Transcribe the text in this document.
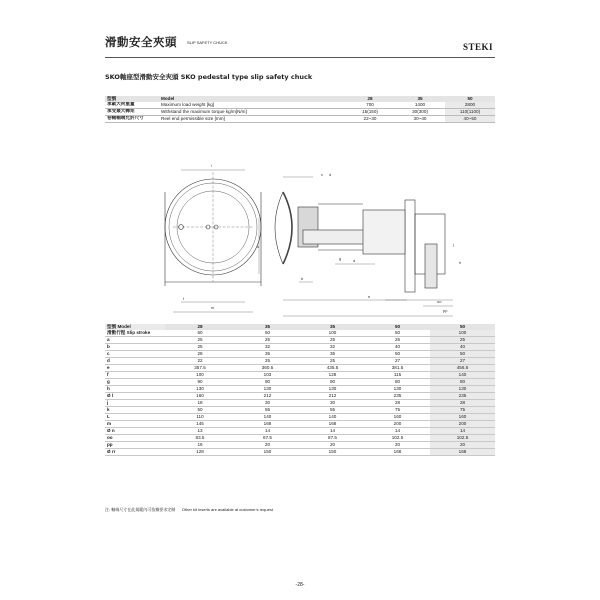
滑動安全夾頭	SLIP SAFETY CHUCK	STEKI
SKO軸座型滑動安全夾頭 SKO pedestal type slip safety chuck
型號	Model	28	35	50
承載大荷重量	Maximum load weight [kg]	700	1400	2800
承受最大轉矩	Withstand the maximum torque kg/m[N/m]	15(150)	30(300)	110(1100)
卷軸軸端允許尺寸	Reel end permissible size [mm]	22~30	30~40	40~50
l
m
k
f
b
c d
e
g
j
h
a
oo
pp
型號 Model	28	35	35	50	50
滑動行程 Slip stroke	50	50	100	50	100
a	25	25	25	25	25
b	25	32	32	40	40
c	28	35	35	50	50
d	22	25	25	27	27
e	357.5	360.5	435.5	381.5	456.5
f	100	103	128	115	140
g	90	90	90	80	80
h	130	130	130	130	130
Ø l	160	212	212	235	235
j	18	30	30	28	28
k	50	55	55	75	75
L	110	140	140	160	160
m	145	168	168	200	200
Ø n	13	14	14	14	14
oo	83.5	87.5	87.5	102.5	102.5
pp	16	20	20	20	20
Ø rr	128	150	150	168	168
注: 軸端尺寸在此規範內可依據要求定制 Other kit inserts are available at customer's request
-28-
